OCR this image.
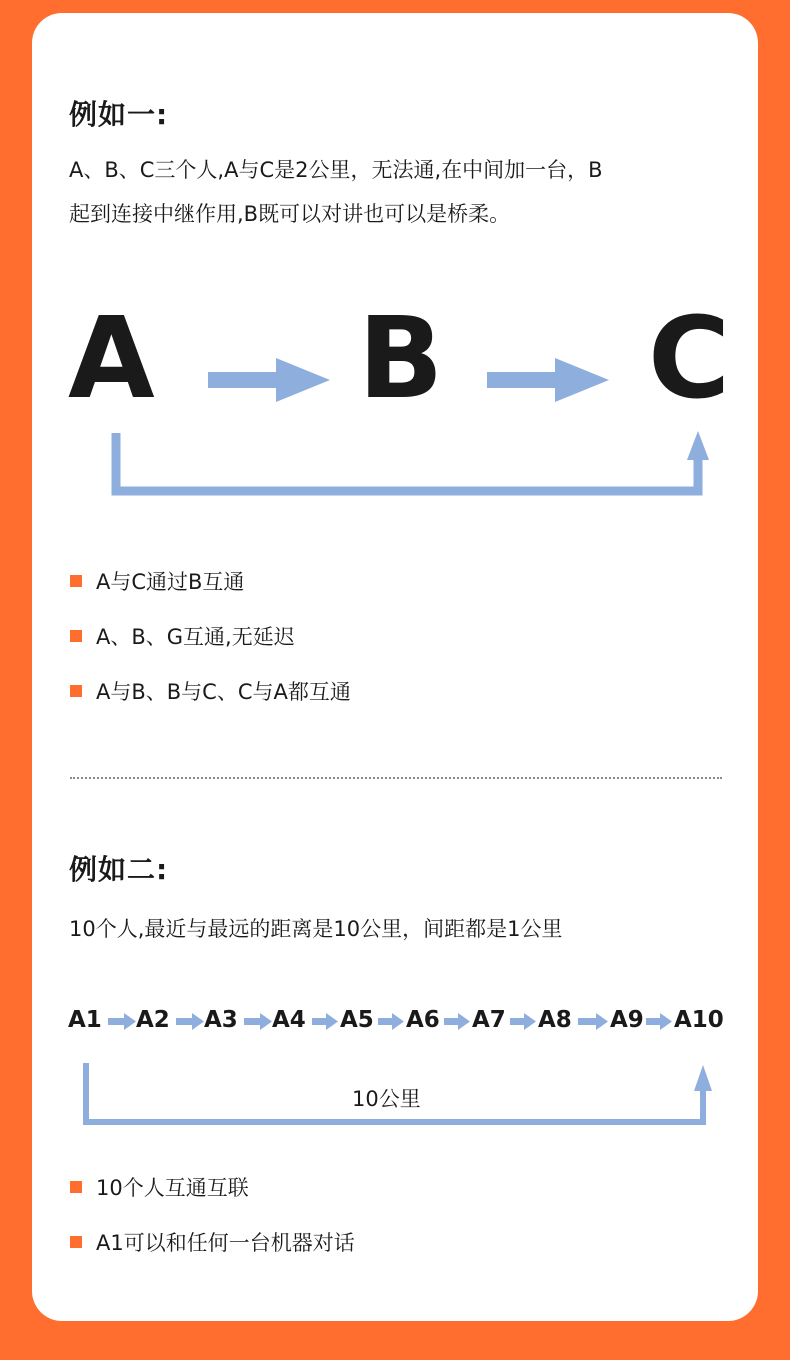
例如一:
A、B、C三个人,A与C是2公里，无法通,在中间加一台，B
起到连接中继作用,B既可以对讲也可以是桥柔。
A B C
A与C通过B互通
A、B、G互通,无延迟
A与B、B与C、C与A都互通
例如二:
10个人,最近与最远的距离是10公里，间距都是1公里
A1 A2 A3 A4 A5 A6 A7 A8 A9 A10
10公里
10个人互通互联
A1可以和任何一台机器对话
